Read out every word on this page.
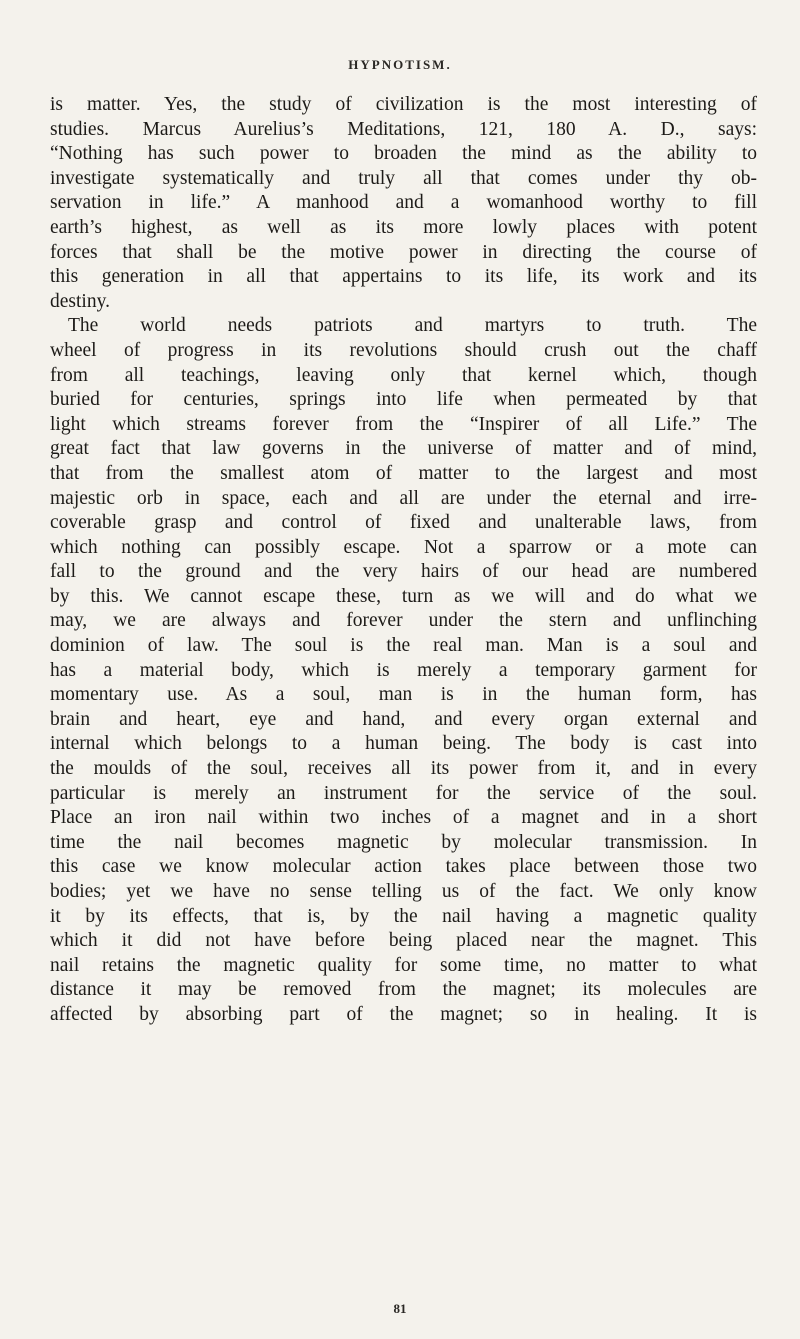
HYPNOTISM.
is matter. Yes, the study of civilization is the most interesting of
studies. Marcus Aurelius’s Meditations, 121, 180 A. D., says:
“Nothing has such power to broaden the mind as the ability to
investigate systematically and truly all that comes under thy ob-
servation in life.” A manhood and a womanhood worthy to fill
earth’s highest, as well as its more lowly places with potent
forces that shall be the motive power in directing the course of
this generation in all that appertains to its life, its work and its
destiny.
The world needs patriots and martyrs to truth. The
wheel of progress in its revolutions should crush out the chaff
from all teachings, leaving only that kernel which, though
buried for centuries, springs into life when permeated by that
light which streams forever from the “Inspirer of all Life.” The
great fact that law governs in the universe of matter and of mind,
that from the smallest atom of matter to the largest and most
majestic orb in space, each and all are under the eternal and irre-
coverable grasp and control of fixed and unalterable laws, from
which nothing can possibly escape. Not a sparrow or a mote can
fall to the ground and the very hairs of our head are numbered
by this. We cannot escape these, turn as we will and do what we
may, we are always and forever under the stern and unflinching
dominion of law. The soul is the real man. Man is a soul and
has a material body, which is merely a temporary garment for
momentary use. As a soul, man is in the human form, has
brain and heart, eye and hand, and every organ external and
internal which belongs to a human being. The body is cast into
the moulds of the soul, receives all its power from it, and in every
particular is merely an instrument for the service of the soul.
Place an iron nail within two inches of a magnet and in a short
time the nail becomes magnetic by molecular transmission. In
this case we know molecular action takes place between those two
bodies; yet we have no sense telling us of the fact. We only know
it by its effects, that is, by the nail having a magnetic quality
which it did not have before being placed near the magnet. This
nail retains the magnetic quality for some time, no matter to what
distance it may be removed from the magnet; its molecules are
affected by absorbing part of the magnet; so in healing. It is
81
